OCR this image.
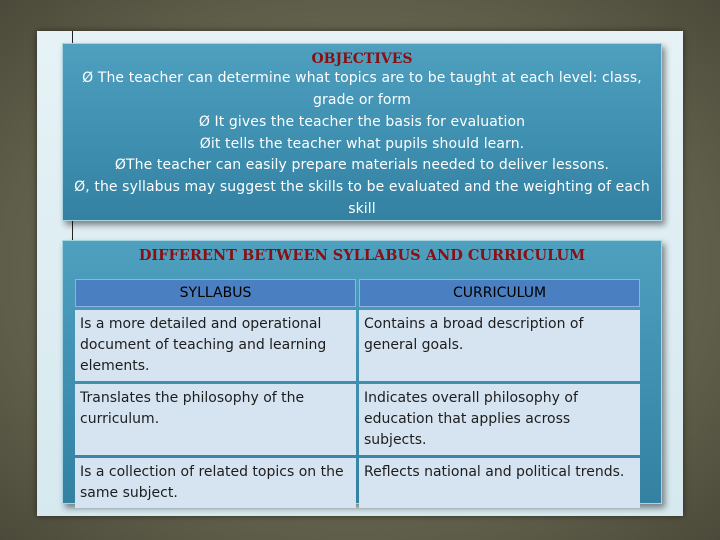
OBJECTIVES
Ø The teacher can determine what topics are to be taught at each level: class,
grade or form
Ø It gives the teacher the basis for evaluation
Øit tells the teacher what pupils should learn.
ØThe teacher can easily prepare materials needed to deliver lessons.
Ø, the syllabus may suggest the skills to be evaluated and the weighting of each
skill
DIFFERENT BETWEEN SYLLABUS AND CURRICULUM
SYLLABUS	CURRICULUM
Is a more detailed and operational document of teaching and learning elements.	Contains a broad description of general goals.
Translates the philosophy of the curriculum.	Indicates overall philosophy of education that applies across subjects.
Is a collection of related topics on the same subject.	Reflects national and political trends.
